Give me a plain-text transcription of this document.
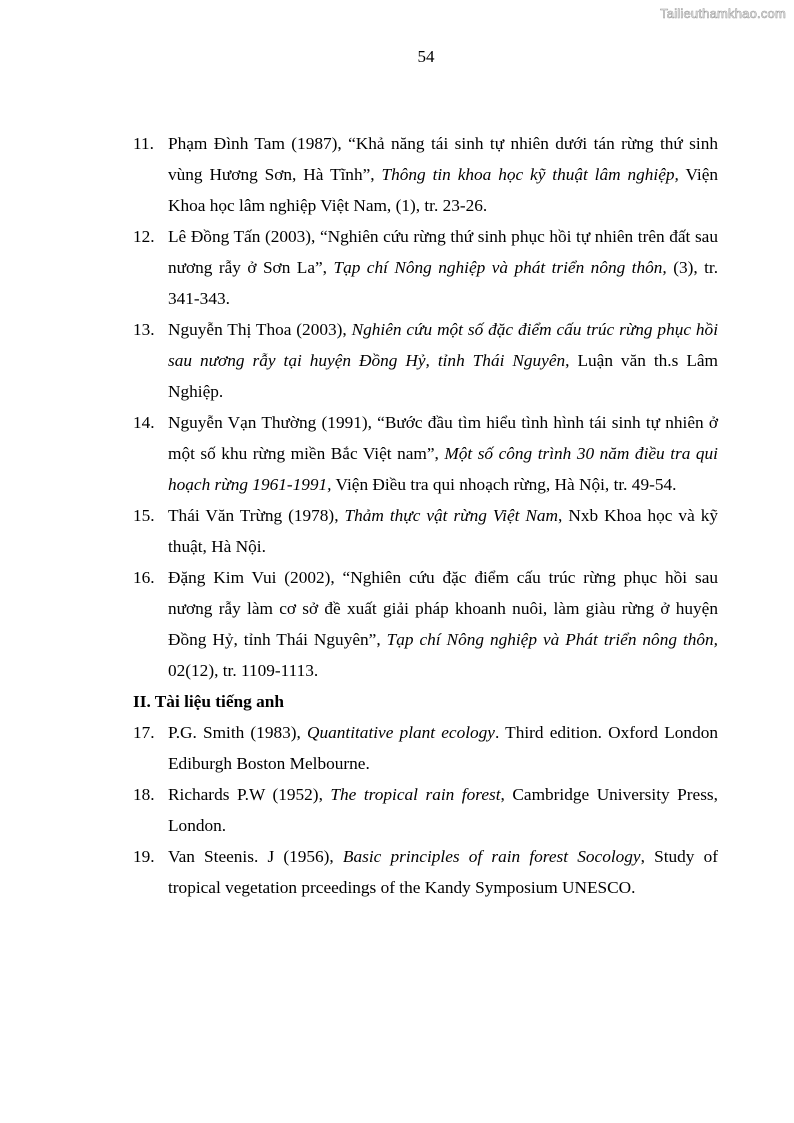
Tailieuthamkhao.com
54
11. Phạm Đình Tam (1987), “Khả năng tái sinh tự nhiên dưới tán rừng thứ sinh vùng Hương Sơn, Hà Tĩnh”, Thông tin khoa học kỹ thuật lâm nghiệp, Viện Khoa học lâm nghiệp Việt Nam, (1), tr. 23-26.
12. Lê Đồng Tấn (2003), “Nghiên cứu rừng thứ sinh phục hồi tự nhiên trên đất sau nương rẫy ở Sơn La”, Tạp chí Nông nghiệp và phát triển nông thôn, (3), tr. 341-343.
13. Nguyễn Thị Thoa (2003), Nghiên cứu một số đặc điểm cấu trúc rừng phục hồi sau nương rẫy tại huyện Đồng Hỷ, tỉnh Thái Nguyên, Luận văn th.s Lâm Nghiệp.
14. Nguyễn Vạn Thường (1991), “Bước đầu tìm hiểu tình hình tái sinh tự nhiên ở một số khu rừng miền Bắc Việt nam”, Một số công trình 30 năm điều tra qui hoạch rừng 1961-1991, Viện Điều tra qui nhoạch rừng, Hà Nội, tr. 49-54.
15. Thái Văn Trừng (1978), Thảm thực vật rừng Việt Nam, Nxb Khoa học và kỹ thuật, Hà Nội.
16. Đặng Kim Vui (2002), “Nghiên cứu đặc điểm cấu trúc rừng phục hồi sau nương rẫy làm cơ sở đề xuất giải pháp khoanh nuôi, làm giàu rừng ở huyện Đồng Hỷ, tỉnh Thái Nguyên”, Tạp chí Nông nghiệp và Phát triển nông thôn, 02(12), tr. 1109-1113.
II. Tài liệu tiếng anh
17. P.G. Smith (1983), Quantitative plant ecology. Third edition. Oxford London Ediburgh Boston Melbourne.
18. Richards P.W (1952), The tropical rain forest, Cambridge University Press, London.
19. Van Steenis. J (1956), Basic principles of rain forest Socology, Study of tropical vegetation prceedings of the Kandy Symposium UNESCO.
